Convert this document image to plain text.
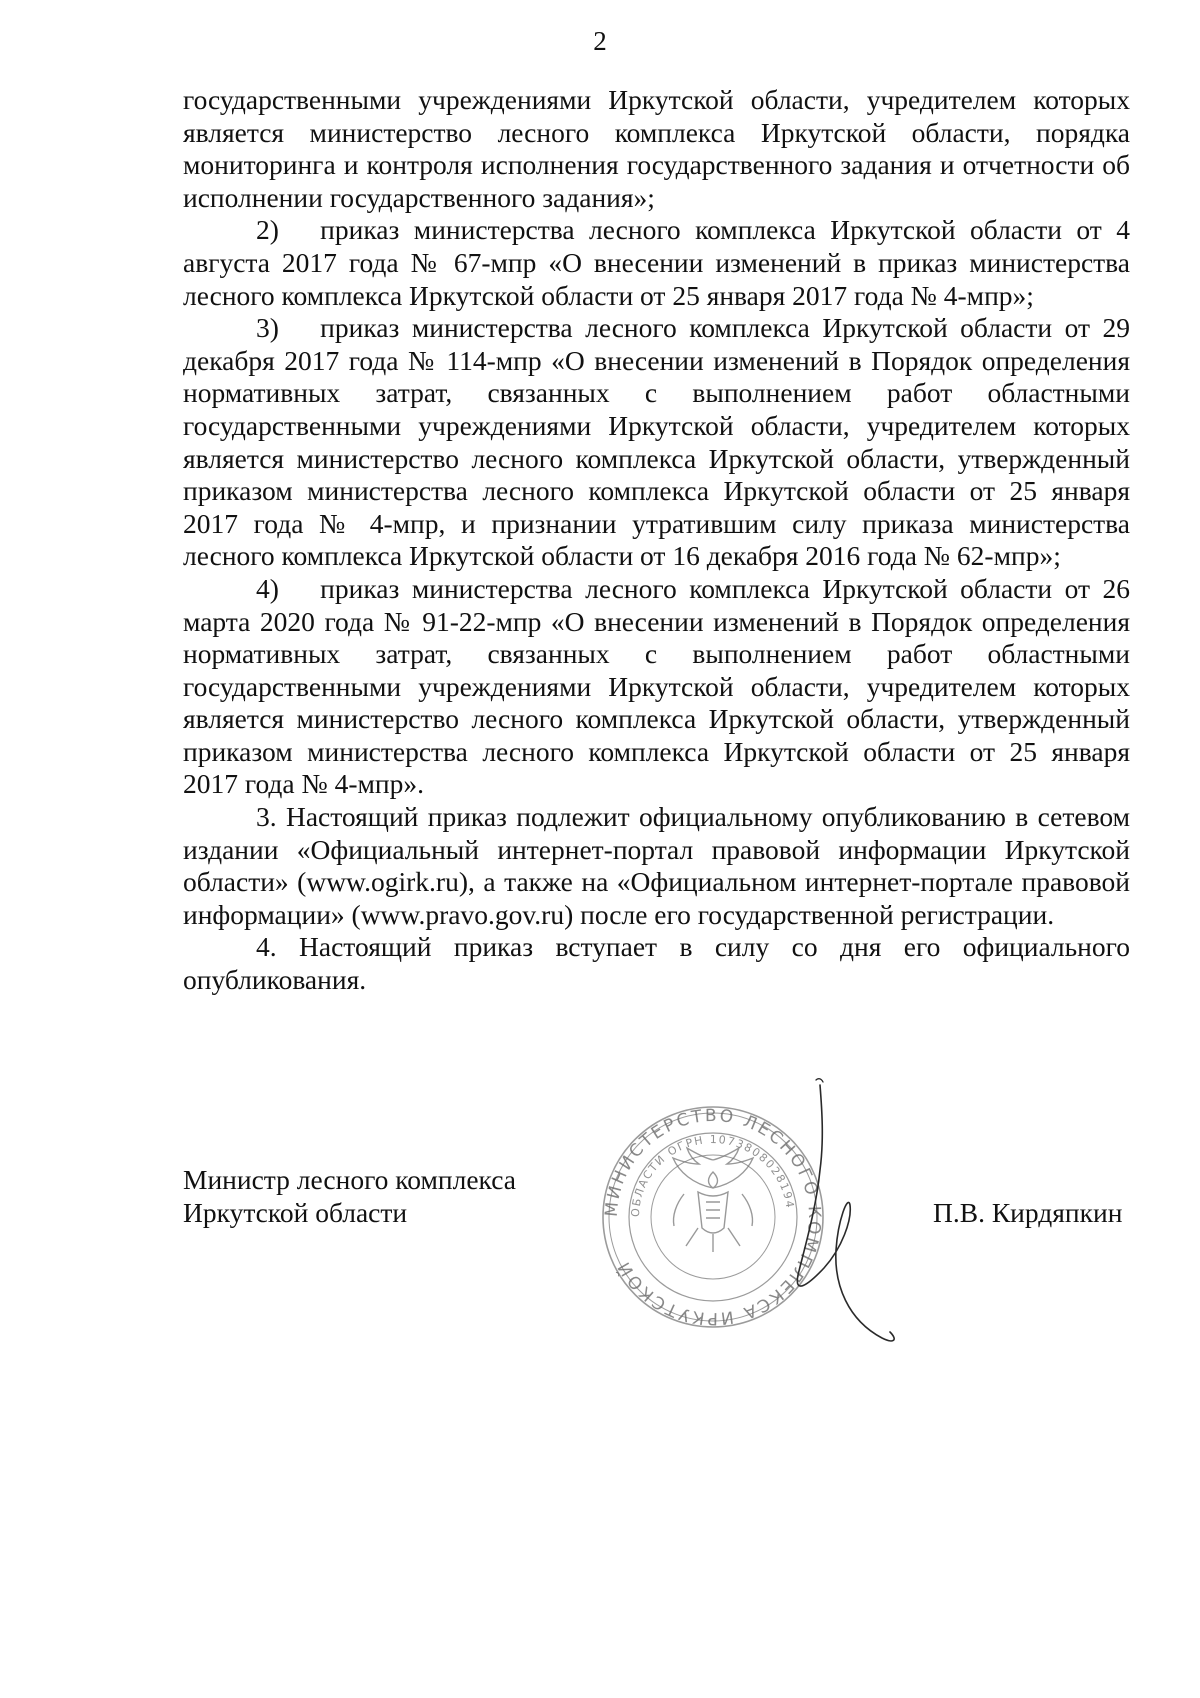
2

государственными учреждениями Иркутской области, учредителем которых является министерство лесного комплекса Иркутской области, порядка мониторинга и контроля исполнения государственного задания и отчетности об исполнении государственного задания»;

2)  приказ министерства лесного комплекса Иркутской области от 4 августа 2017 года № 67-мпр «О внесении изменений в приказ министерства лесного комплекса Иркутской области от 25 января 2017 года № 4-мпр»;

3)  приказ министерства лесного комплекса Иркутской области от 29 декабря 2017 года № 114-мпр «О внесении изменений в Порядок определения нормативных затрат, связанных с выполнением работ областными государственными учреждениями Иркутской области, учредителем которых является министерство лесного комплекса Иркутской области, утвержденный приказом министерства лесного комплекса Иркутской области от 25 января 2017 года № 4-мпр, и признании утратившим силу приказа министерства лесного комплекса Иркутской области от 16 декабря 2016 года № 62-мпр»;

4)  приказ министерства лесного комплекса Иркутской области от 26 марта 2020 года № 91-22-мпр «О внесении изменений в Порядок определения нормативных затрат, связанных с выполнением работ областными государственными учреждениями Иркутской области, учредителем которых является министерство лесного комплекса Иркутской области, утвержденный приказом министерства лесного комплекса Иркутской области от 25 января 2017 года № 4-мпр».

3. Настоящий приказ подлежит официальному опубликованию в сетевом издании «Официальный интернет-портал правовой информации Иркутской области» (www.ogirk.ru), а также на «Официальном интернет-портале правовой информации» (www.pravo.gov.ru) после его государственной регистрации.

4. Настоящий приказ вступает в силу со дня его официального опубликования.

Министр лесного комплекса
Иркутской области	МИНИСТЕРСТВО ЛЕСНОГО КОМПЛЕКСА ИРКУТСКОЙ
ОБЛАСТИ ОГРН 1073808028194	П.В. Кирдяпкин
